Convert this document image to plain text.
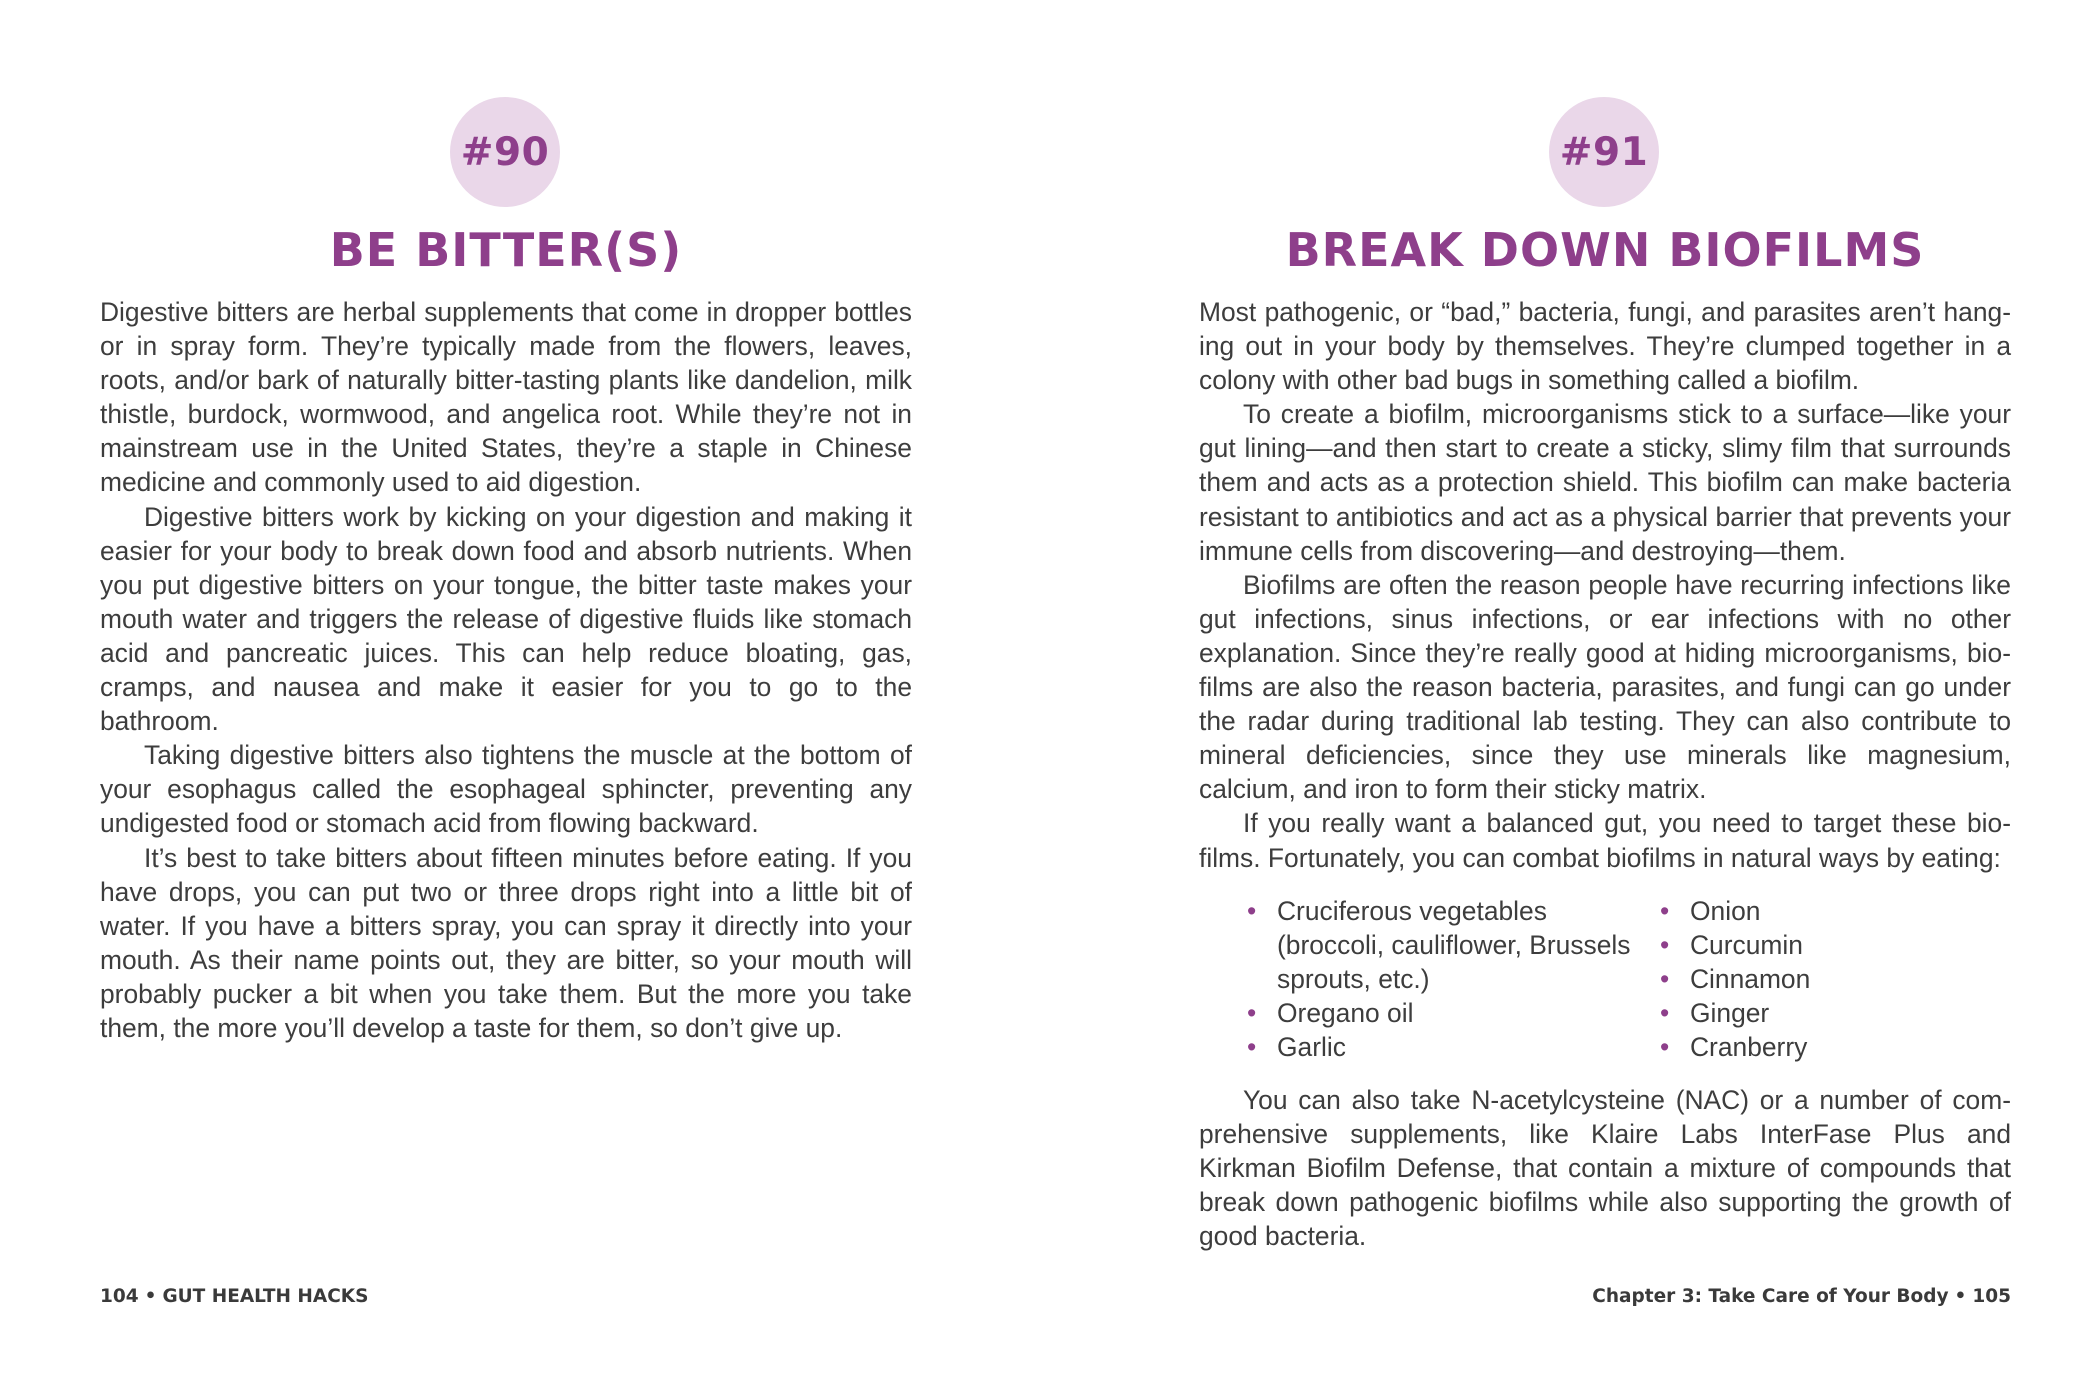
#90
BE BITTER(S)

Digestive bitters are herbal supplements that come in dropper bottles or in spray form. They’re typically made from the flowers, leaves, roots, and/or bark of naturally bitter-tasting plants like dandelion, milk thistle, burdock, wormwood, and angelica root. While they’re not in mainstream use in the United States, they’re a staple in Chinese medicine and commonly used to aid digestion.

Digestive bitters work by kicking on your digestion and making it easier for your body to break down food and absorb nutrients. When you put digestive bitters on your tongue, the bitter taste makes your mouth water and triggers the release of digestive fluids like stomach acid and pancreatic juices. This can help reduce bloating, gas, cramps, and nausea and make it easier for you to go to the bathroom.

Taking digestive bitters also tightens the muscle at the bottom of your esophagus called the esophageal sphincter, preventing any undigested food or stomach acid from flowing backward.

It’s best to take bitters about fifteen minutes before eating. If you have drops, you can put two or three drops right into a little bit of water. If you have a bitters spray, you can spray it directly into your mouth. As their name points out, they are bitter, so your mouth will probably pucker a bit when you take them. But the more you take them, the more you’ll develop a taste for them, so don’t give up.

104 • GUT HEALTH HACKS
#91
BREAK DOWN BIOFILMS

Most pathogenic, or “bad,” bacteria, fungi, and parasites aren’t hanging out in your body by themselves. They’re clumped together in a colony with other bad bugs in something called a biofilm.

To create a biofilm, microorganisms stick to a surface—like your gut lining—and then start to create a sticky, slimy film that surrounds them and acts as a protection shield. This biofilm can make bacteria resistant to antibiotics and act as a physical barrier that prevents your immune cells from discovering—and destroying—them.

Biofilms are often the reason people have recurring infections like gut infections, sinus infections, or ear infections with no other explanation. Since they’re really good at hiding microorganisms, biofilms are also the reason bacteria, parasites, and fungi can go under the radar during traditional lab testing. They can also contribute to mineral deficiencies, since they use minerals like magnesium, calcium, and iron to form their sticky matrix.

If you really want a balanced gut, you need to target these biofilms. Fortunately, you can combat biofilms in natural ways by eating:

• Cruciferous vegetables (broccoli, cauliflower, Brussels sprouts, etc.)
• Oregano oil
• Garlic
• Onion
• Curcumin
• Cinnamon
• Ginger
• Cranberry

You can also take N-acetylcysteine (NAC) or a number of comprehensive supplements, like Klaire Labs InterFase Plus and Kirkman Biofilm Defense, that contain a mixture of compounds that break down pathogenic biofilms while also supporting the growth of good bacteria.

Chapter 3: Take Care of Your Body • 105
